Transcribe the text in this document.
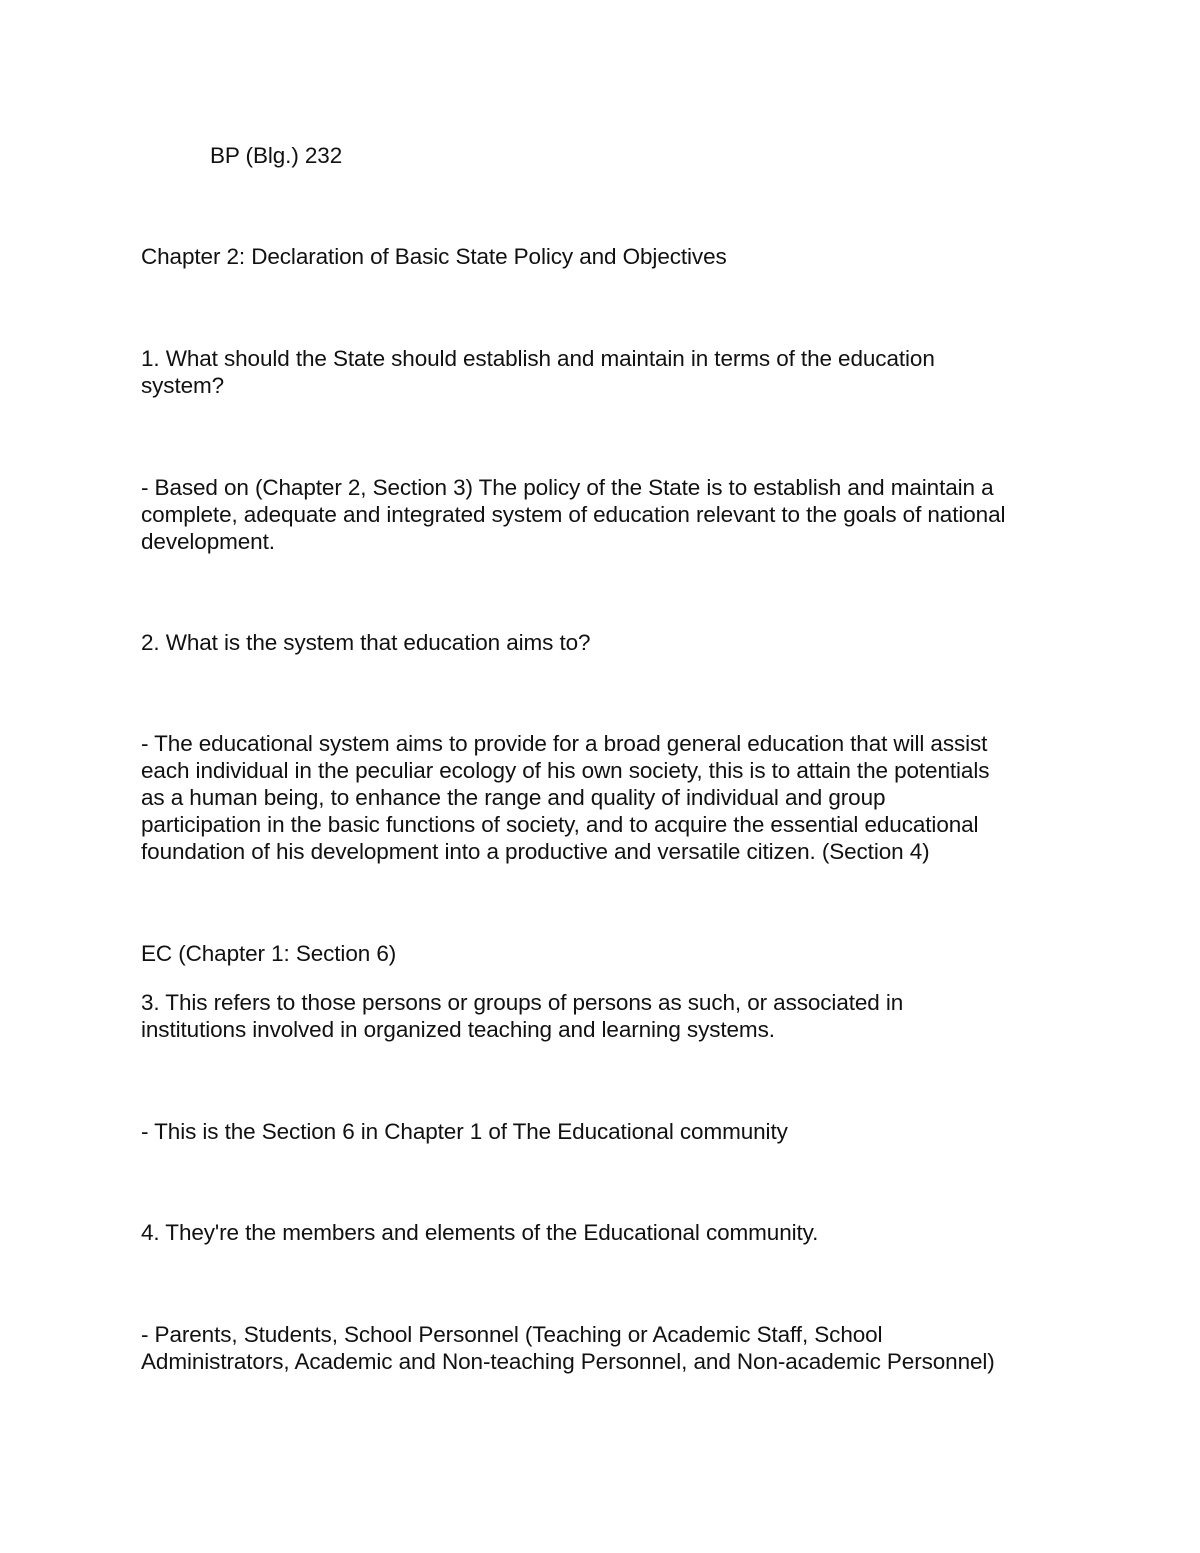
BP (Blg.) 232
Chapter 2: Declaration of Basic State Policy and Objectives
1. What should the State should establish and maintain in terms of the education
system?
- Based on (Chapter 2, Section 3) The policy of the State is to establish and maintain a
complete, adequate and integrated system of education relevant to the goals of national
development.
2. What is the system that education aims to?
- The educational system aims to provide for a broad general education that will assist
each individual in the peculiar ecology of his own society, this is to attain the potentials
as a human being, to enhance the range and quality of individual and group
participation in the basic functions of society, and to acquire the essential educational
foundation of his development into a productive and versatile citizen. (Section 4)
EC (Chapter 1: Section 6)
3. This refers to those persons or groups of persons as such, or associated in
institutions involved in organized teaching and learning systems.
- This is the Section 6 in Chapter 1 of The Educational community
4. They're the members and elements of the Educational community.
- Parents, Students, School Personnel (Teaching or Academic Staff, School
Administrators, Academic and Non-teaching Personnel, and Non-academic Personnel)
